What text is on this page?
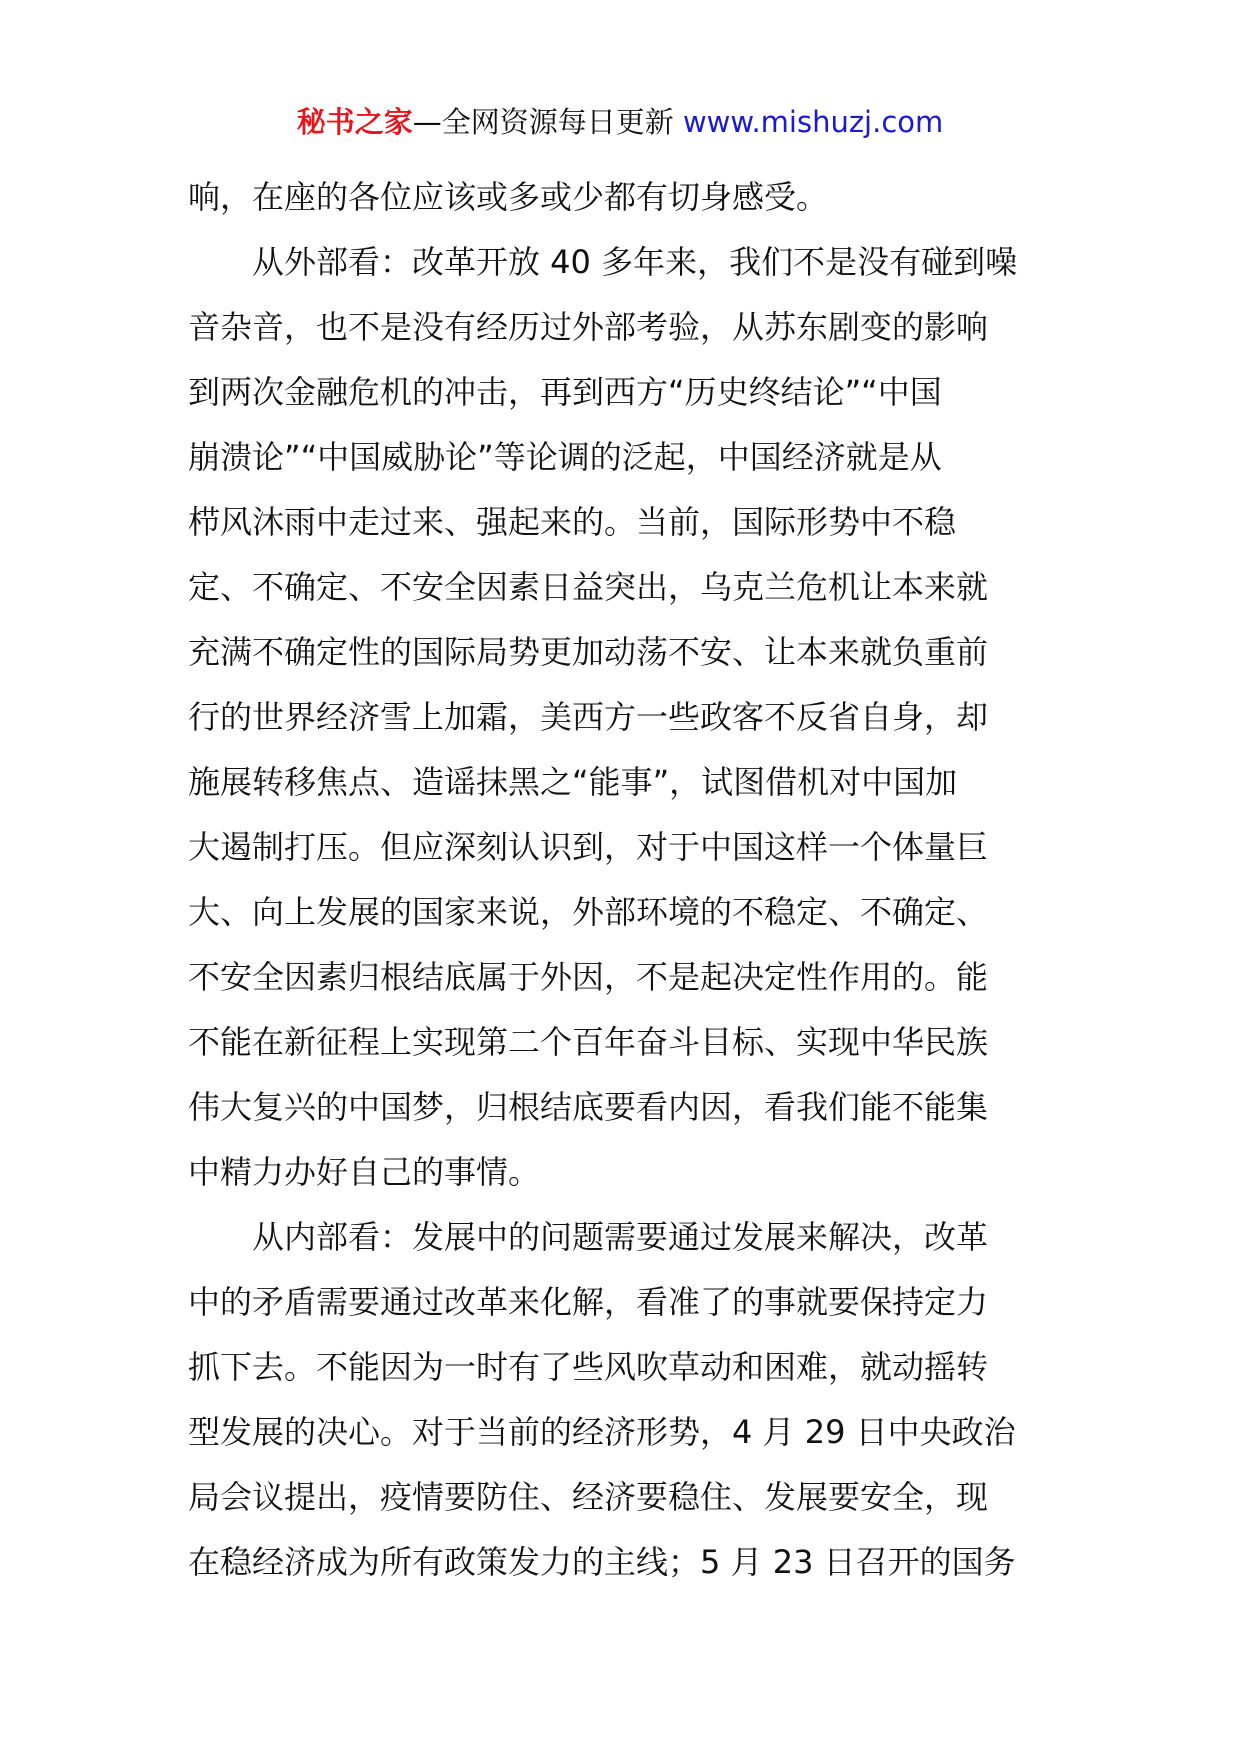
秘书之家—全网资源每日更新 www.mishuzj.com
响，在座的各位应该或多或少都有切身感受。
从外部看：改革开放 40 多年来，我们不是没有碰到噪
音杂音，也不是没有经历过外部考验，从苏东剧变的影响
到两次金融危机的冲击，再到西方“历史终结论”“中国
崩溃论”“中国威胁论”等论调的泛起，中国经济就是从
栉风沐雨中走过来、强起来的。当前，国际形势中不稳
定、不确定、不安全因素日益突出，乌克兰危机让本来就
充满不确定性的国际局势更加动荡不安、让本来就负重前
行的世界经济雪上加霜，美西方一些政客不反省自身，却
施展转移焦点、造谣抹黑之“能事”，试图借机对中国加
大遏制打压。但应深刻认识到，对于中国这样一个体量巨
大、向上发展的国家来说，外部环境的不稳定、不确定、
不安全因素归根结底属于外因，不是起决定性作用的。能
不能在新征程上实现第二个百年奋斗目标、实现中华民族
伟大复兴的中国梦，归根结底要看内因，看我们能不能集
中精力办好自己的事情。
从内部看：发展中的问题需要通过发展来解决，改革
中的矛盾需要通过改革来化解，看准了的事就要保持定力
抓下去。不能因为一时有了些风吹草动和困难，就动摇转
型发展的决心。对于当前的经济形势，4 月 29 日中央政治
局会议提出，疫情要防住、经济要稳住、发展要安全，现
在稳经济成为所有政策发力的主线；5 月 23 日召开的国务
